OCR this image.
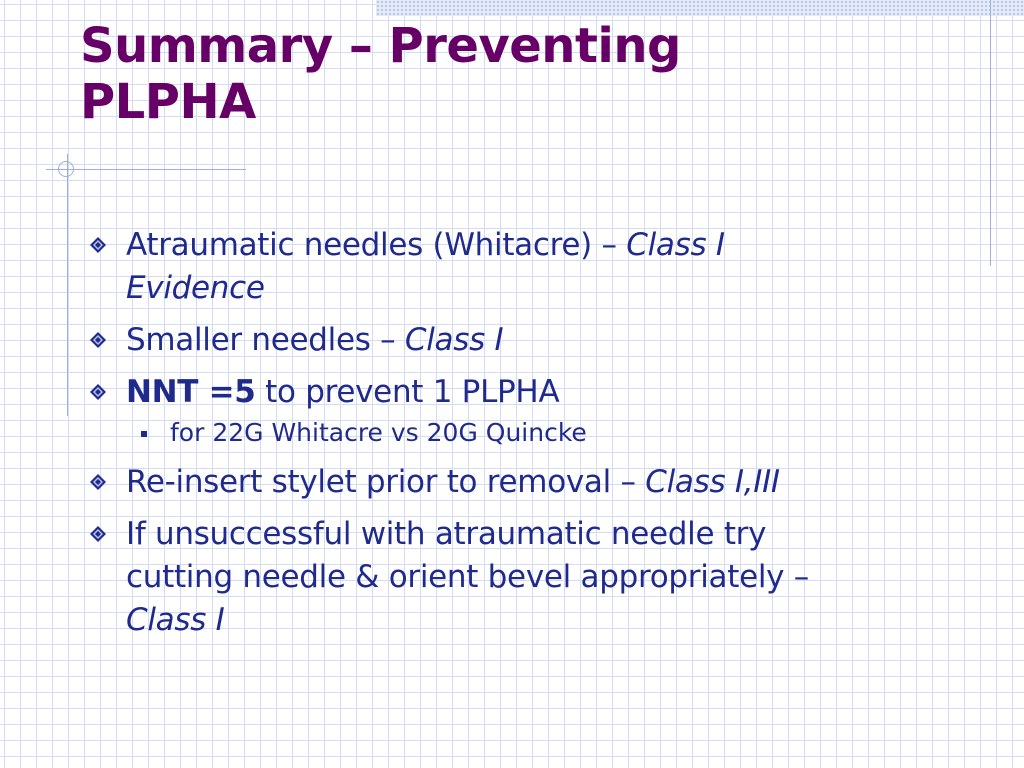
Summary – Preventing
PLPHA
Atraumatic needles (Whitacre) – Class I
Evidence
Smaller needles – Class I
NNT =5 to prevent 1 PLPHA
for 22G Whitacre vs 20G Quincke
Re-insert stylet prior to removal – Class I,III
If unsuccessful with atraumatic needle try
cutting needle & orient bevel appropriately –
Class I
